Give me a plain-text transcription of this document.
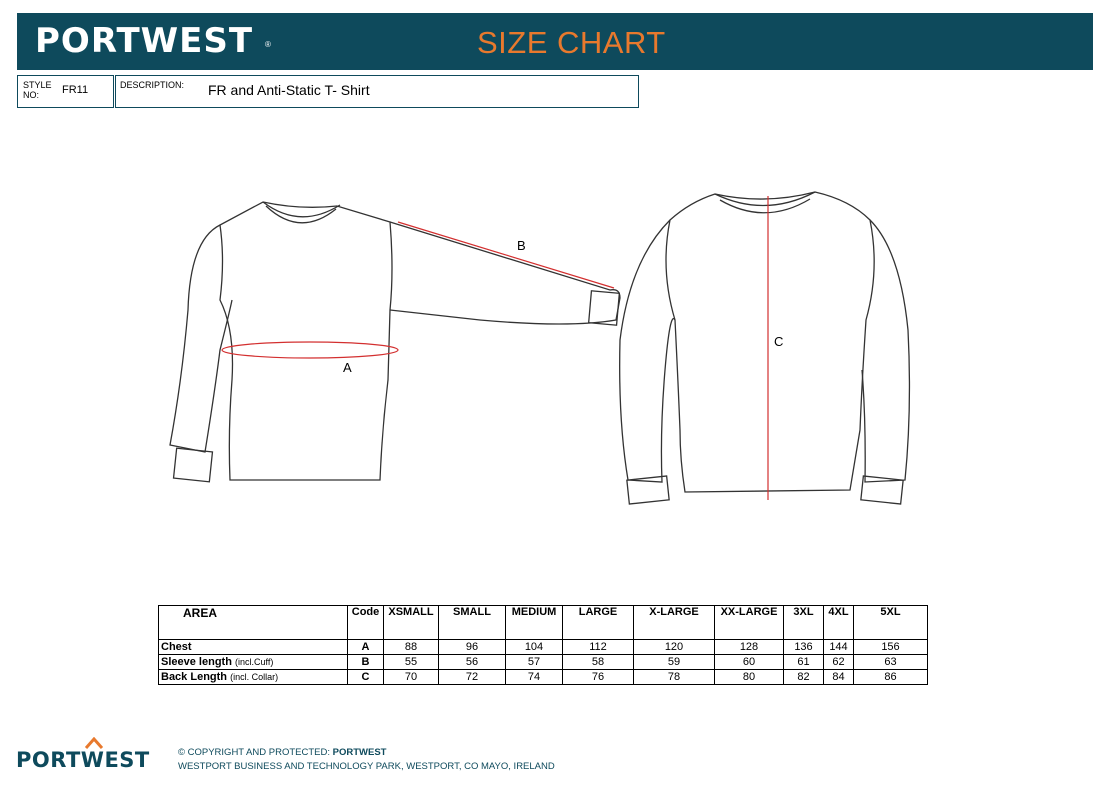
PORTWEST ®	SIZE CHART
STYLE NO:	FR11	DESCRIPTION: FR and Anti-Static T- Shirt
A
B
C
AREA	Code	XSMALL	SMALL	MEDIUM	LARGE	X-LARGE	XX-LARGE	3XL	4XL	5XL
Chest	A	88	96	104	112	120	128	136	144	156
Sleeve length (incl.Cuff)	B	55	56	57	58	59	60	61	62	63
Back Length (incl. Collar)	C	70	72	74	76	78	80	82	84	86
PORTWEST	© COPYRIGHT AND PROTECTED: PORTWEST
WESTPORT BUSINESS AND TECHNOLOGY PARK, WESTPORT, CO MAYO, IRELAND
